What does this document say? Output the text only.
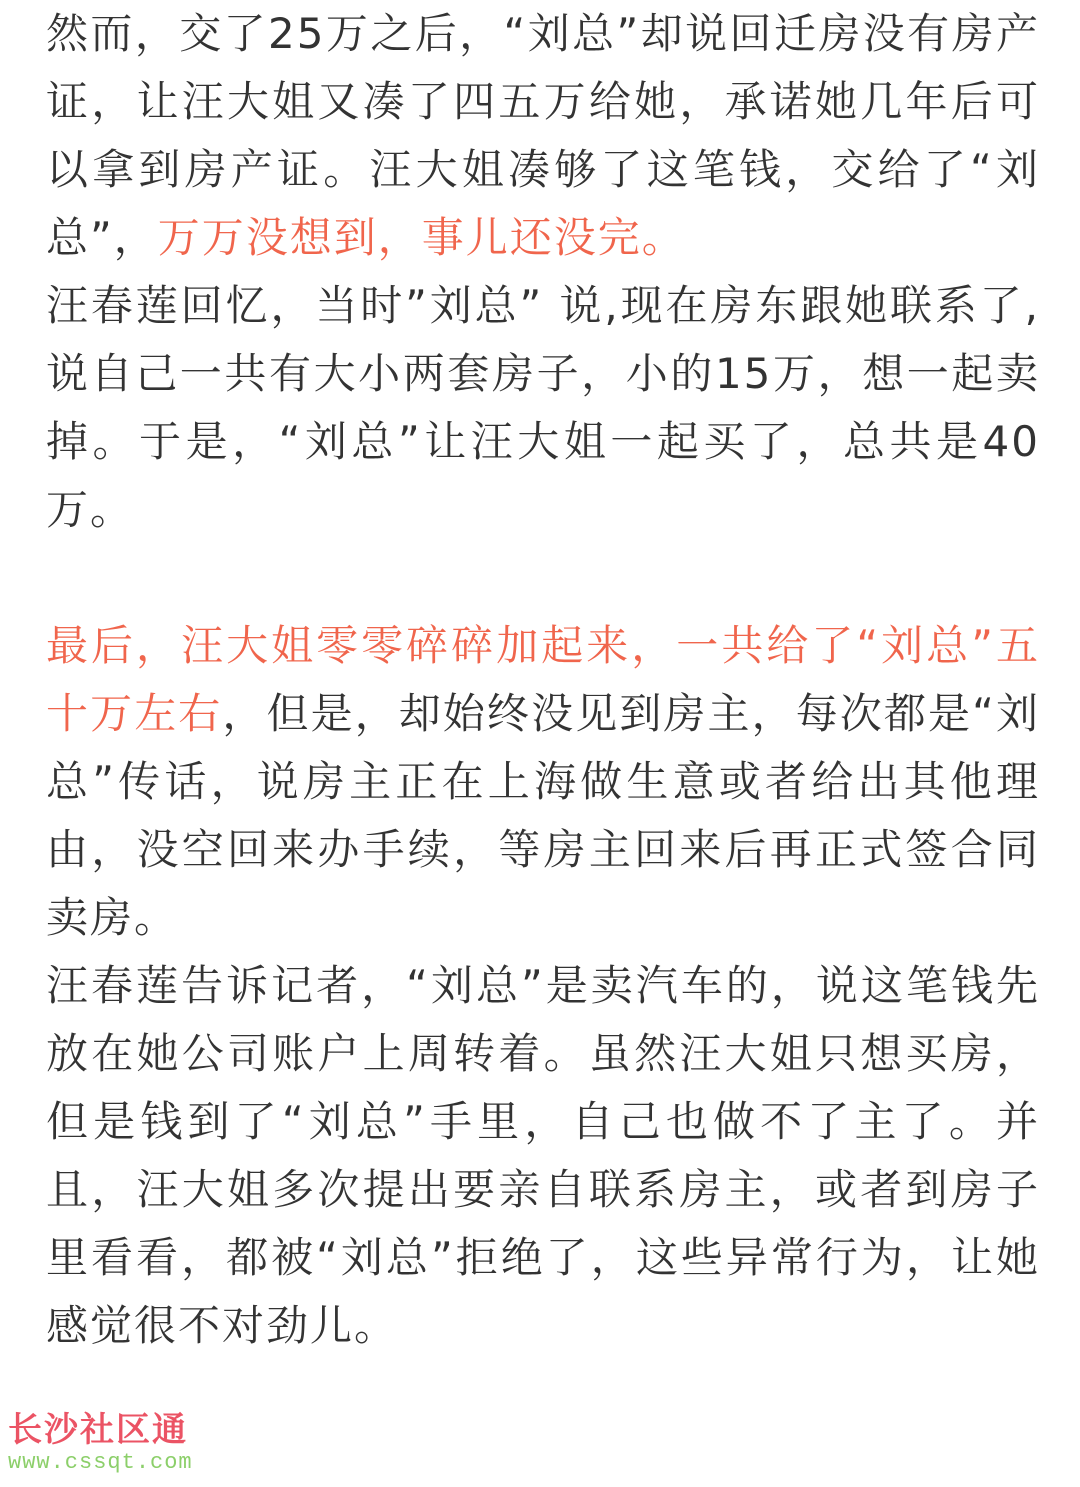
然而，交了25万之后，“刘总”却说回迁房没有房产证，让汪大姐又凑了四五万给她，承诺她几年后可以拿到房产证。汪大姐凑够了这笔钱，交给了“刘总”，万万没想到，事儿还没完。

汪春莲回忆，当时”刘总” 说,现在房东跟她联系了,说自己一共有大小两套房子，小的15万，想一起卖掉。于是，“刘总”让汪大姐一起买了，总共是40万。

最后，汪大姐零零碎碎加起来，一共给了“刘总”五十万左右，但是，却始终没见到房主，每次都是“刘总”传话，说房主正在上海做生意或者给出其他理由，没空回来办手续，等房主回来后再正式签合同卖房。

汪春莲告诉记者，“刘总”是卖汽车的，说这笔钱先放在她公司账户上周转着。虽然汪大姐只想买房，但是钱到了“刘总”手里，自己也做不了主了。并且，汪大姐多次提出要亲自联系房主，或者到房子里看看，都被“刘总”拒绝了，这些异常行为，让她感觉很不对劲儿。

长沙社区通
www.cssqt.com
